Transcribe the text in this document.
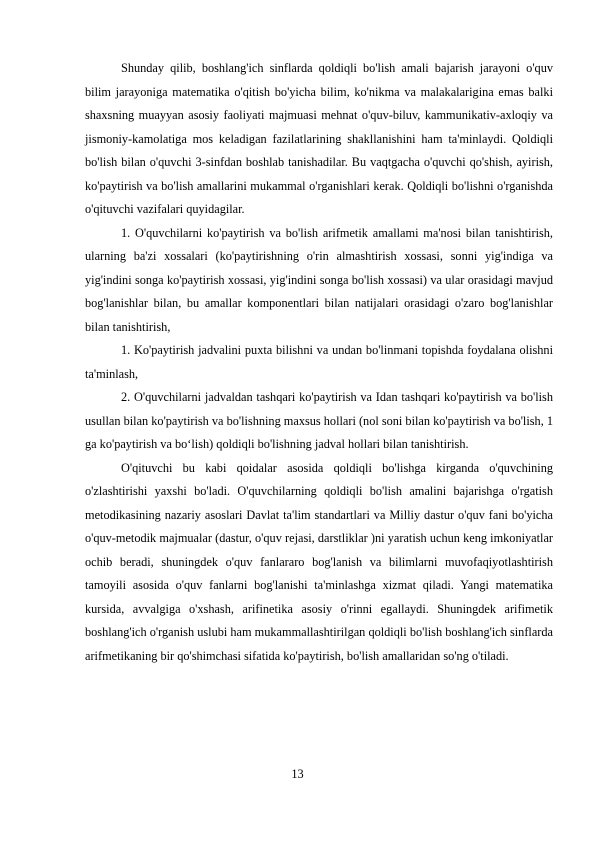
Shunday qilib, boshlang'ich sinflarda qoldiqli bo'lish amali bajarish jarayoni o'quv bilim jarayoniga matematika o'qitish bo'yicha bilim, ko'nikma va malakalarigina emas balki shaxsning muayyan asosiy faoliyati majmuasi mehnat o'quv-biluv, kammunikativ-axloqiy va jismoniy-kamolatiga mos keladigan fazilatlarining shakllanishini ham ta'minlaydi. Qoldiqli bo'lish bilan o'quvchi 3-sinfdan boshlab tanishadilar. Bu vaqtgacha o'quvchi qo'shish, ayirish, ko'paytirish va bo'lish amallarini mukammal o'rganishlari kerak. Qoldiqli bo'lishni o'rganishda o'qituvchi vazifalari quyidagilar.

1. O'quvchilarni ko'paytirish va bo'lish arifmetik amallami ma'nosi bilan tanishtirish, ularning ba'zi xossalari (ko'paytirishning o'rin almashtirish xossasi, sonni yig'indiga va yig'indini songa ko'paytirish xossasi, yig'indini songa bo'lish xossasi) va ular orasidagi mavjud bog'lanishlar bilan, bu amallar komponentlari bilan natijalari orasidagi o'zaro bog'lanishlar bilan tanishtirish,

1. Ko'paytirish jadvalini puxta bilishni va undan bo'linmani topishda foydalana olishni ta'minlash,

2. O'quvchilarni jadvaldan tashqari ko'paytirish va Idan tashqari ko'paytirish va bo'lish usullan bilan ko'paytirish va bo'lishning maxsus hollari (nol soni bilan ko'paytirish va bo'lish, 1 ga ko'paytirish va bo‘lish) qoldiqli bo'lishning jadval hollari bilan tanishtirish.

O'qituvchi bu kabi qoidalar asosida qoldiqli bo'lishga kirganda o'quvchining o'zlashtirishi yaxshi bo'ladi. O'quvchilarning qoldiqli bo'lish amalini bajarishga o'rgatish metodikasining nazariy asoslari Davlat ta'lim standartlari va Milliy dastur o'quv fani bo'yicha o'quv-metodik majmualar (dastur, o'quv rejasi, darstliklar )ni yaratish uchun keng imkoniyatlar ochib beradi, shuningdek o'quv fanlararo bog'lanish va bilimlarni muvofaqiyotlashtirish tamoyili asosida o'quv fanlarni bog'lanishi ta'minlashga xizmat qiladi. Yangi matematika kursida, avvalgiga o'xshash, arifinetika asosiy o'rinni egallaydi. Shuningdek arifimetik boshlang'ich o'rganish uslubi ham mukammallashtirilgan qoldiqli bo'lish boshlang'ich sinflarda arifmetikaning bir qo'shimchasi sifatida ko'paytirish, bo'lish amallaridan so'ng o'tiladi.

13
